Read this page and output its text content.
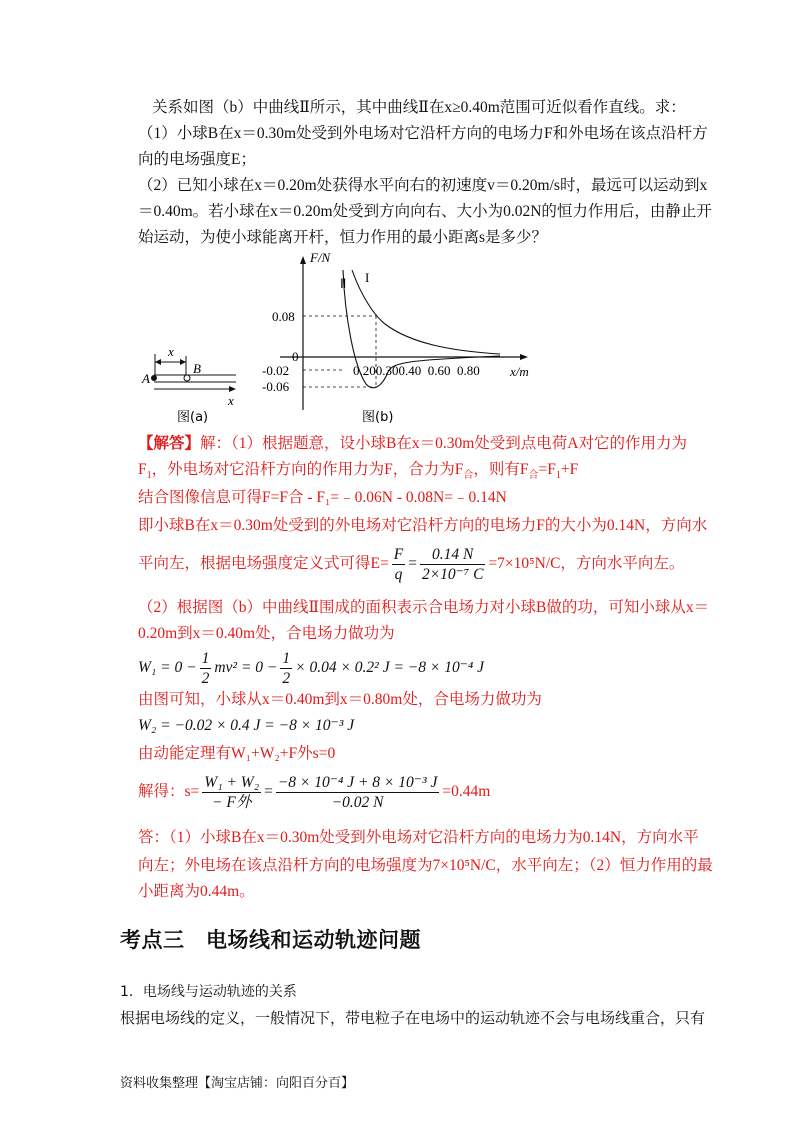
关系如图（b）中曲线Ⅱ所示，其中曲线Ⅱ在x≥0.40m范围可近似看作直线。求：
（1）小球B在x＝0.30m处受到外电场对它沿杆方向的电场力F和外电场在该点沿杆方
向的电场强度E；
（2）已知小球在x＝0.20m处获得水平向右的初速度v＝0.20m/s时，最远可以运动到x
＝0.40m。若小球在x＝0.20m处受到方向向右、大小为0.02N的恒力作用后，由静止开
始运动，为使小球能离开杆，恒力作用的最小距离s是多少？
x
A
B
x
图(a)
F/N
x/m
0
0.08
-0.02
-0.06
0.200.300.40  0.60  0.80
I
Ⅱ
图(b)
【解答】解：（1）根据题意，设小球B在x＝0.30m处受到点电荷A对它的作用力为
$F_1$，外电场对它沿杆方向的作用力为F，合力为$F_合$，则有$F_合=F_1+F$
结合图像信息可得F=F合 - F₁=﹣0.06N - 0.08N=﹣0.14N
即小球B在x＝0.30m处受到的外电场对它沿杆方向的电场力F的大小为0.14N，方向水
平向左，根据电场强度定义式可得$E= \frac{F}{q} = \frac{0.14 N}{\text{2×10⁻⁷ C}} =7\times 10^5N/C$，方向水平向左。
（2）根据图（b）中曲线Ⅱ围成的面积表示合电场力对小球B做的功，可知小球从x＝
0.20m到x＝0.40m处，合电场力做功为
$W_1 = 0 - \frac{1}{2} mv^2 = 0 - \frac{1}{2} \times 0.04 \times 0.2^2$ J = −8 × 10⁻⁴ J
由图可知，小球从x＝0.40m到x＝0.80m处，合电场力做功为
W₂ = −0.02 × 0.4 J = −8 × 10⁻³ J
由动能定理有W₁+W₂+F外s=0
解得：$s= \frac{\text{W₁ + W₂}}{\text{− F外}} = \frac{\text{−8 × 10⁻⁴ J + 8 × 10⁻³ J}}{-0.02 N} =0.44m$
答：（1）小球B在x＝0.30m处受到外电场对它沿杆方向的电场力为0.14N，方向水平
向左；外电场在该点沿杆方向的电场强度为7×10⁵N/C，水平向左；（2）恒力作用的最
小距离为0.44m。
考点三　电场线和运动轨迹问题
1．电场线与运动轨迹的关系
根据电场线的定义，一般情况下，带电粒子在电场中的运动轨迹不会与电场线重合，只有
资料收集整理【淘宝店铺：向阳百分百】
